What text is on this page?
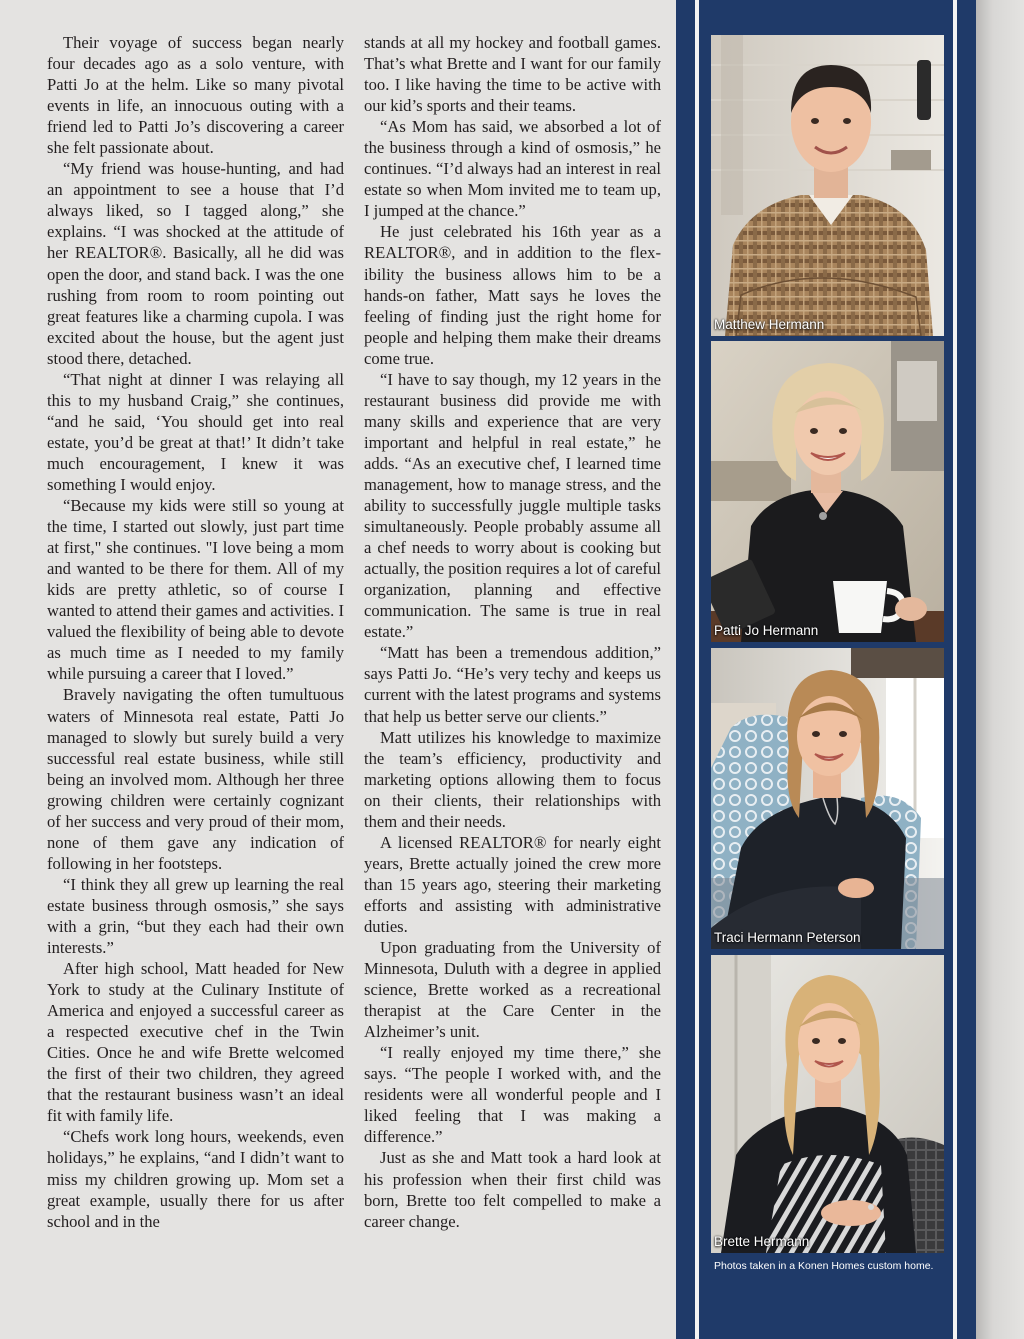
Their voyage of success began nearly four decades ago as a solo venture, with Patti Jo at the helm. Like so many pivotal events in life, an innocuous outing with a friend led to Patti Jo’s discovering a career she felt passionate about.

“My friend was house-hunting, and had an appointment to see a house that I’d always liked, so I tagged along,” she explains. “I was shocked at the attitude of her REALTOR®. Basically, all he did was open the door, and stand back. I was the one rushing from room to room pointing out great features like a charming cupola. I was excited about the house, but the agent just stood there, detached.

“That night at dinner I was relaying all this to my husband Craig,” she continues, “and he said, ‘You should get into real estate, you’d be great at that!’ It didn’t take much encouragement, I knew it was something I would enjoy.

“Because my kids were still so young at the time, I started out slowly, just part time at first," she continues. "I love being a mom and wanted to be there for them. All of my kids are pretty athletic, so of course I wanted to attend their games and activities. I valued the flexibility of being able to devote as much time as I needed to my family while pursuing a career that I loved.”

Bravely navigating the often tumultuous waters of Minnesota real estate, Patti Jo managed to slowly but surely build a very successful real estate business, while still being an involved mom. Although her three growing children were certainly cognizant of her success and very proud of their mom, none of them gave any indication of following in her footsteps.

“I think they all grew up learning the real estate business through osmosis,” she says with a grin, “but they each had their own interests.”

After high school, Matt headed for New York to study at the Culinary Institute of America and enjoyed a successful career as a respected executive chef in the Twin Cities. Once he and wife Brette welcomed the first of their two children, they agreed that the restaurant business wasn’t an ideal fit with family life.

“Chefs work long hours, weekends, even holidays,” he explains, “and I didn’t want to miss my children growing up. Mom set a great example, usually there for us after school and in the

stands at all my hockey and football games. That’s what Brette and I want for our family too. I like having the time to be active with our kid’s sports and their teams.

“As Mom has said, we absorbed a lot of the business through a kind of osmosis,” he continues. “I’d always had an interest in real estate so when Mom invited me to team up, I jumped at the chance.”

He just celebrated his 16th year as a REALTOR®, and in addition to the flexibility the business allows him to be a hands-on father, Matt says he loves the feeling of finding just the right home for people and helping them make their dreams come true.

“I have to say though, my 12 years in the restaurant business did provide me with many skills and experience that are very important and helpful in real estate,” he adds. “As an executive chef, I learned time management, how to manage stress, and the ability to successfully juggle multiple tasks simultaneously. People probably assume all a chef needs to worry about is cooking but actually, the position requires a lot of careful organization, planning and effective communication. The same is true in real estate.”

“Matt has been a tremendous addition,” says Patti Jo. “He’s very techy and keeps us current with the latest programs and systems that help us better serve our clients.”

Matt utilizes his knowledge to maximize the team’s efficiency, productivity and marketing options allowing them to focus on their clients, their relationships with them and their needs.

A licensed REALTOR® for nearly eight years, Brette actually joined the crew more than 15 years ago, steering their marketing efforts and assisting with administrative duties.

Upon graduating from the University of Minnesota, Duluth with a degree in applied science, Brette worked as a recreational therapist at the Care Center in the Alzheimer’s unit.

“I really enjoyed my time there,” she says. “The people I worked with, and the residents were all wonderful people and I liked feeling that I was making a difference.”

Just as she and Matt took a hard look at his profession when their first child was born, Brette too felt compelled to make a career change.

Matthew Hermann
Patti Jo Hermann
Traci Hermann Peterson
Brette Hermann
Photos taken in a Konen Homes custom home.
